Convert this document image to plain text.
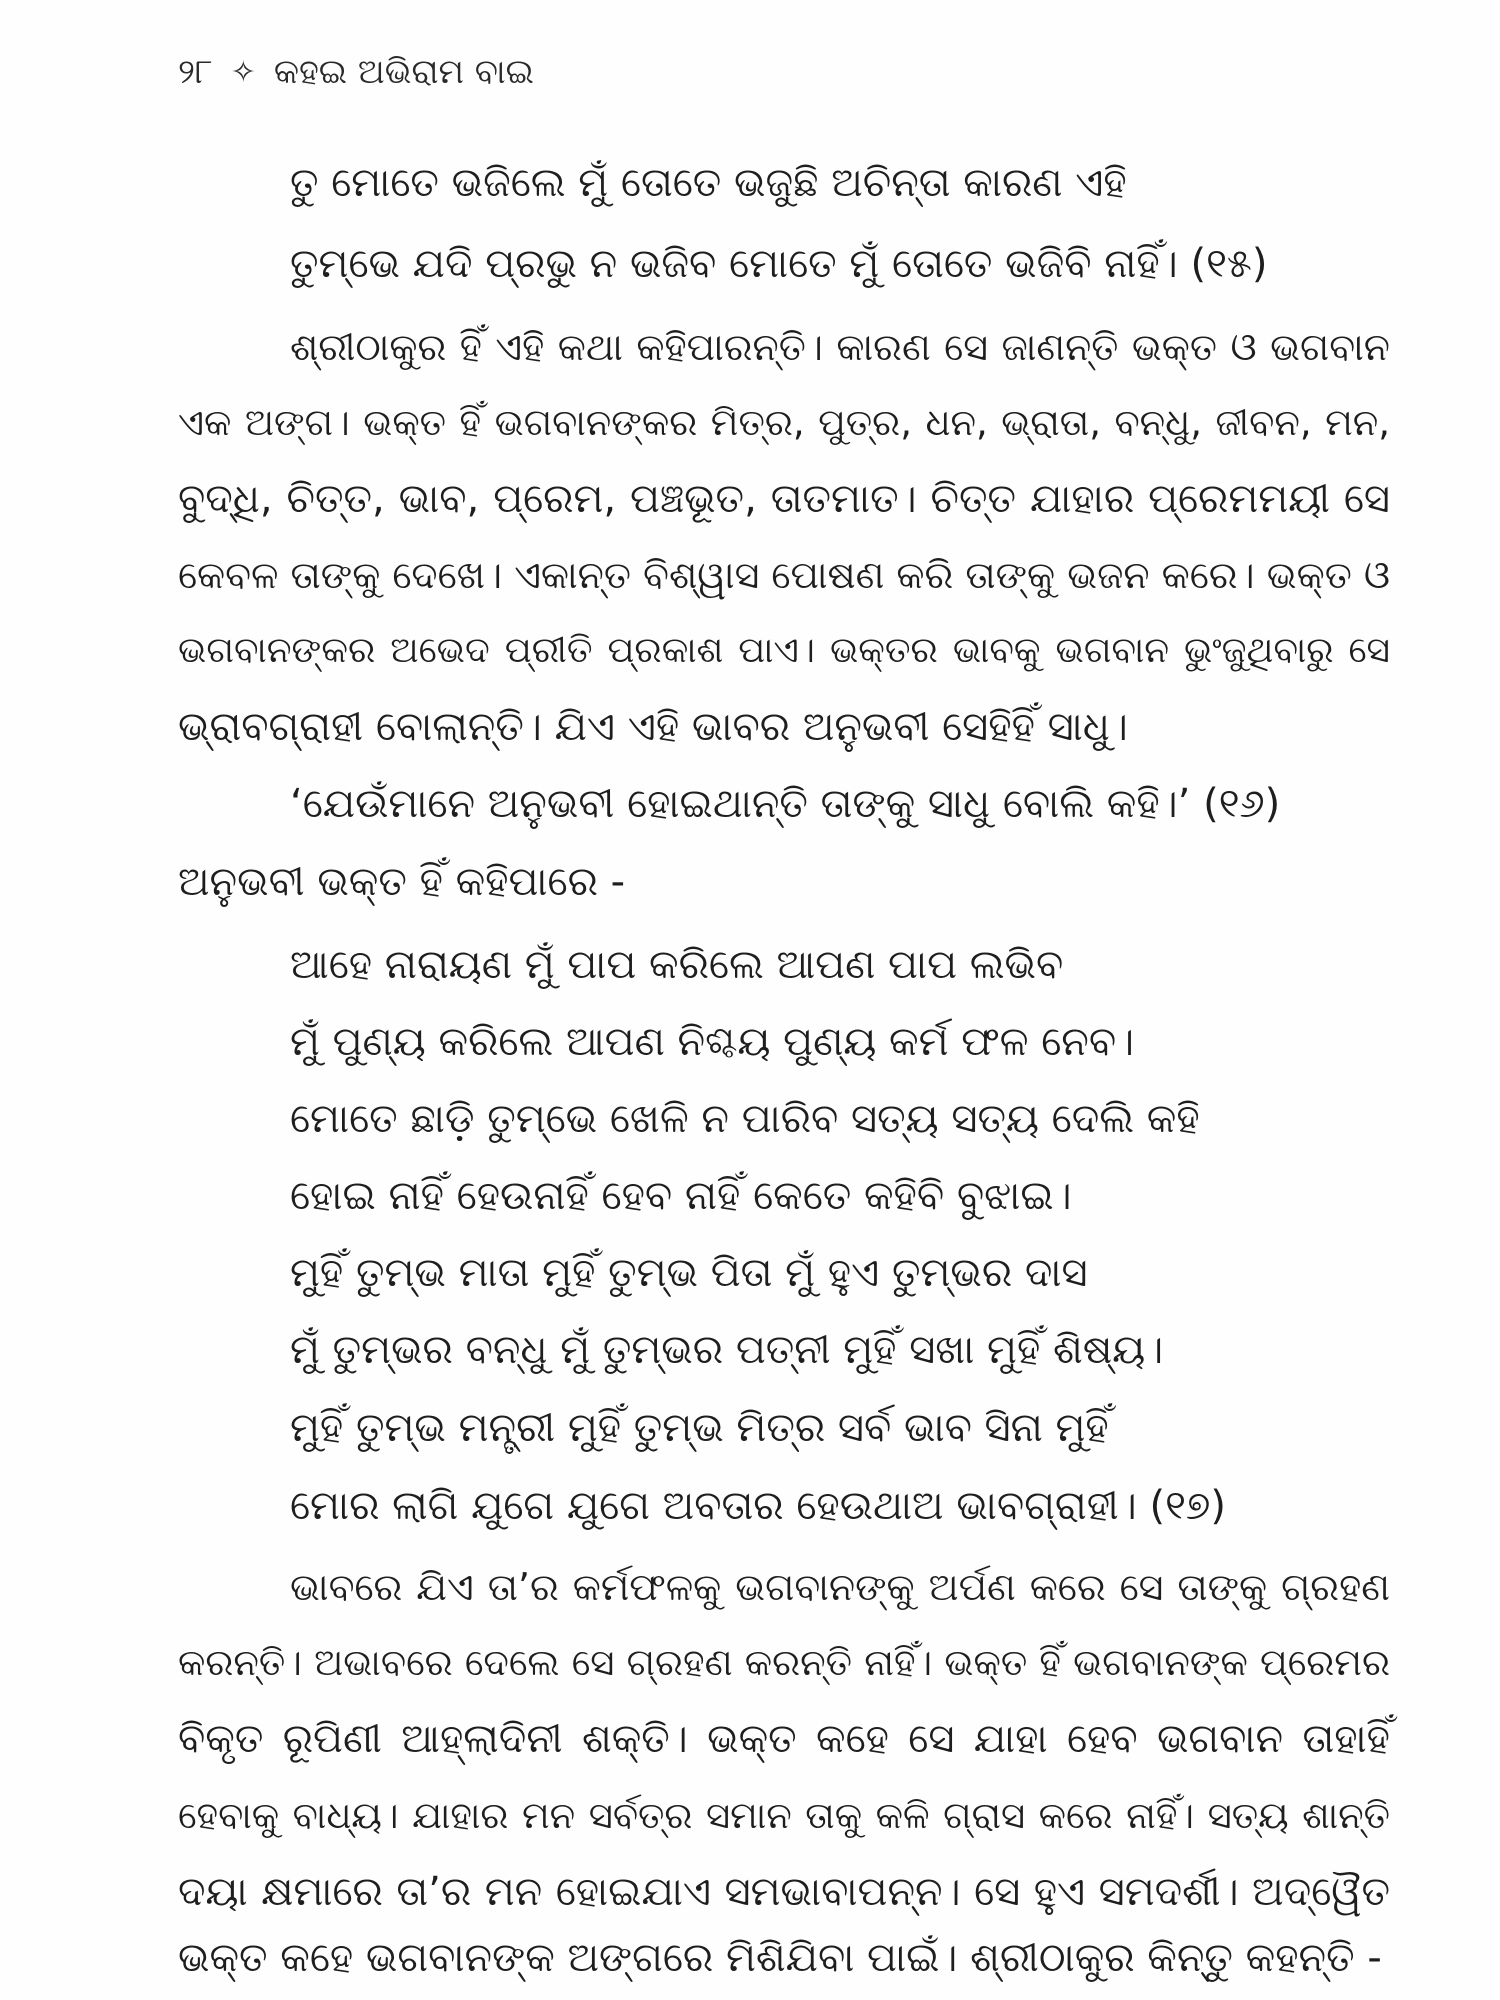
୨୮ ✧ କହଇ ଅଭିରାମ ବାଇ
ତୁ ମୋତେ ଭଜିଲେ ମୁଁ ତୋତେ ଭଜୁଛି ଅଚିନ୍ତା କାରଣ ଏହି
ତୁମ୍ଭେ ଯଦି ପ୍ରଭୁ ନ ଭଜିବ ମୋତେ ମୁଁ ତୋତେ ଭଜିବି ନାହିଁ। (୧୫)
ଶ୍ରୀଠାକୁର ହିଁ ଏହି କଥା କହିପାରନ୍ତି। କାରଣ ସେ ଜାଣନ୍ତି ଭକ୍ତ ଓ ଭଗବାନ
ଏକ ଅଙ୍ଗ। ଭକ୍ତ ହିଁ ଭଗବାନଙ୍କର ମିତ୍ର, ପୁତ୍ର, ଧନ, ଭ୍ରାତା, ବନ୍ଧୁ, ଜୀବନ, ମନ,
ବୁଦ୍ଧି, ଚିତ୍ତ, ଭାବ, ପ୍ରେମ, ପଞ୍ଚଭୂତ, ତାତମାତ। ଚିତ୍ତ ଯାହାର ପ୍ରେମମୟୀ ସେ
କେବଳ ତାଙ୍କୁ ଦେଖେ। ଏକାନ୍ତ ବିଶ୍ୱାସ ପୋଷଣ କରି ତାଙ୍କୁ ଭଜନ କରେ। ଭକ୍ତ ଓ
ଭଗବାନଙ୍କର ଅଭେଦ ପ୍ରୀତି ପ୍ରକାଶ ପାଏ। ଭକ୍ତର ଭାବକୁ ଭଗବାନ ଭୁଂଜୁଥିବାରୁ ସେ
ଭ୍ରାବଗ୍ରାହୀ ବୋଲାନ୍ତି। ଯିଏ ଏହି ଭାବର ଅନୁଭବୀ ସେହିହିଁ ସାଧୁ।
‘ଯେଉଁମାନେ ଅନୁଭବୀ ହୋଇଥାନ୍ତି ତାଙ୍କୁ ସାଧୁ ବୋଲି କହି।’ (୧୬)
ଅନୁଭବୀ ଭକ୍ତ ହିଁ କହିପାରେ -
ଆହେ ନାରାୟଣ ମୁଁ ପାପ କରିଲେ ଆପଣ ପାପ ଲଭିବ
ମୁଁ ପୁଣ୍ୟ କରିଲେ ଆପଣ ନିଶ୍ଚୟ ପୁଣ୍ୟ କର୍ମ ଫଳ ନେବ।
ମୋତେ ଛାଡ଼ି ତୁମ୍ଭେ ଖେଳି ନ ପାରିବ ସତ୍ୟ ସତ୍ୟ ଦେଲି କହି
ହୋଇ ନାହିଁ ହେଉନାହିଁ ହେବ ନାହିଁ କେତେ କହିବି ବୁଝାଇ।
ମୁହିଁ ତୁମ୍ଭ ମାତା ମୁହିଁ ତୁମ୍ଭ ପିତା ମୁଁ ହୁଏ ତୁମ୍ଭର ଦାସ
ମୁଁ ତୁମ୍ଭର ବନ୍ଧୁ ମୁଁ ତୁମ୍ଭର ପତ୍ନୀ ମୁହିଁ ସଖା ମୁହିଁ ଶିଷ୍ୟ।
ମୁହିଁ ତୁମ୍ଭ ମନ୍ତ୍ରୀ ମୁହିଁ ତୁମ୍ଭ ମିତ୍ର ସର୍ବ ଭାବ ସିନା ମୁହିଁ
ମୋର ଲାଗି ଯୁଗେ ଯୁଗେ ଅବତାର ହେଉଥାଅ ଭାବଗ୍ରାହୀ। (୧୭)
ଭାବରେ ଯିଏ ତା’ର କର୍ମଫଳକୁ ଭଗବାନଙ୍କୁ ଅର୍ପଣ କରେ ସେ ତାଙ୍କୁ ଗ୍ରହଣ
କରନ୍ତି। ଅଭାବରେ ଦେଲେ ସେ ଗ୍ରହଣ କରନ୍ତି ନାହିଁ। ଭକ୍ତ ହିଁ ଭଗବାନଙ୍କ ପ୍ରେମର
ବିକୃତ ରୂପିଣୀ ଆହ୍ଲାଦିନୀ ଶକ୍ତି। ଭକ୍ତ କହେ ସେ ଯାହା ହେବ ଭଗବାନ ତାହାହିଁ
ହେବାକୁ ବାଧ୍ୟ। ଯାହାର ମନ ସର୍ବତ୍ର ସମାନ ତାକୁ କଳି ଗ୍ରାସ କରେ ନାହିଁ। ସତ୍ୟ ଶାନ୍ତି
ଦୟା କ୍ଷମାରେ ତା’ର ମନ ହୋଇଯାଏ ସମଭାବାପନ୍ନ। ସେ ହୁଏ ସମଦର୍ଶୀ। ଅଦ୍ୱୈତ
ଭକ୍ତ କହେ ଭଗବାନଙ୍କ ଅଙ୍ଗରେ ମିଶିଯିବା ପାଇଁ। ଶ୍ରୀଠାକୁର କିନ୍ତୁ କହନ୍ତି -
